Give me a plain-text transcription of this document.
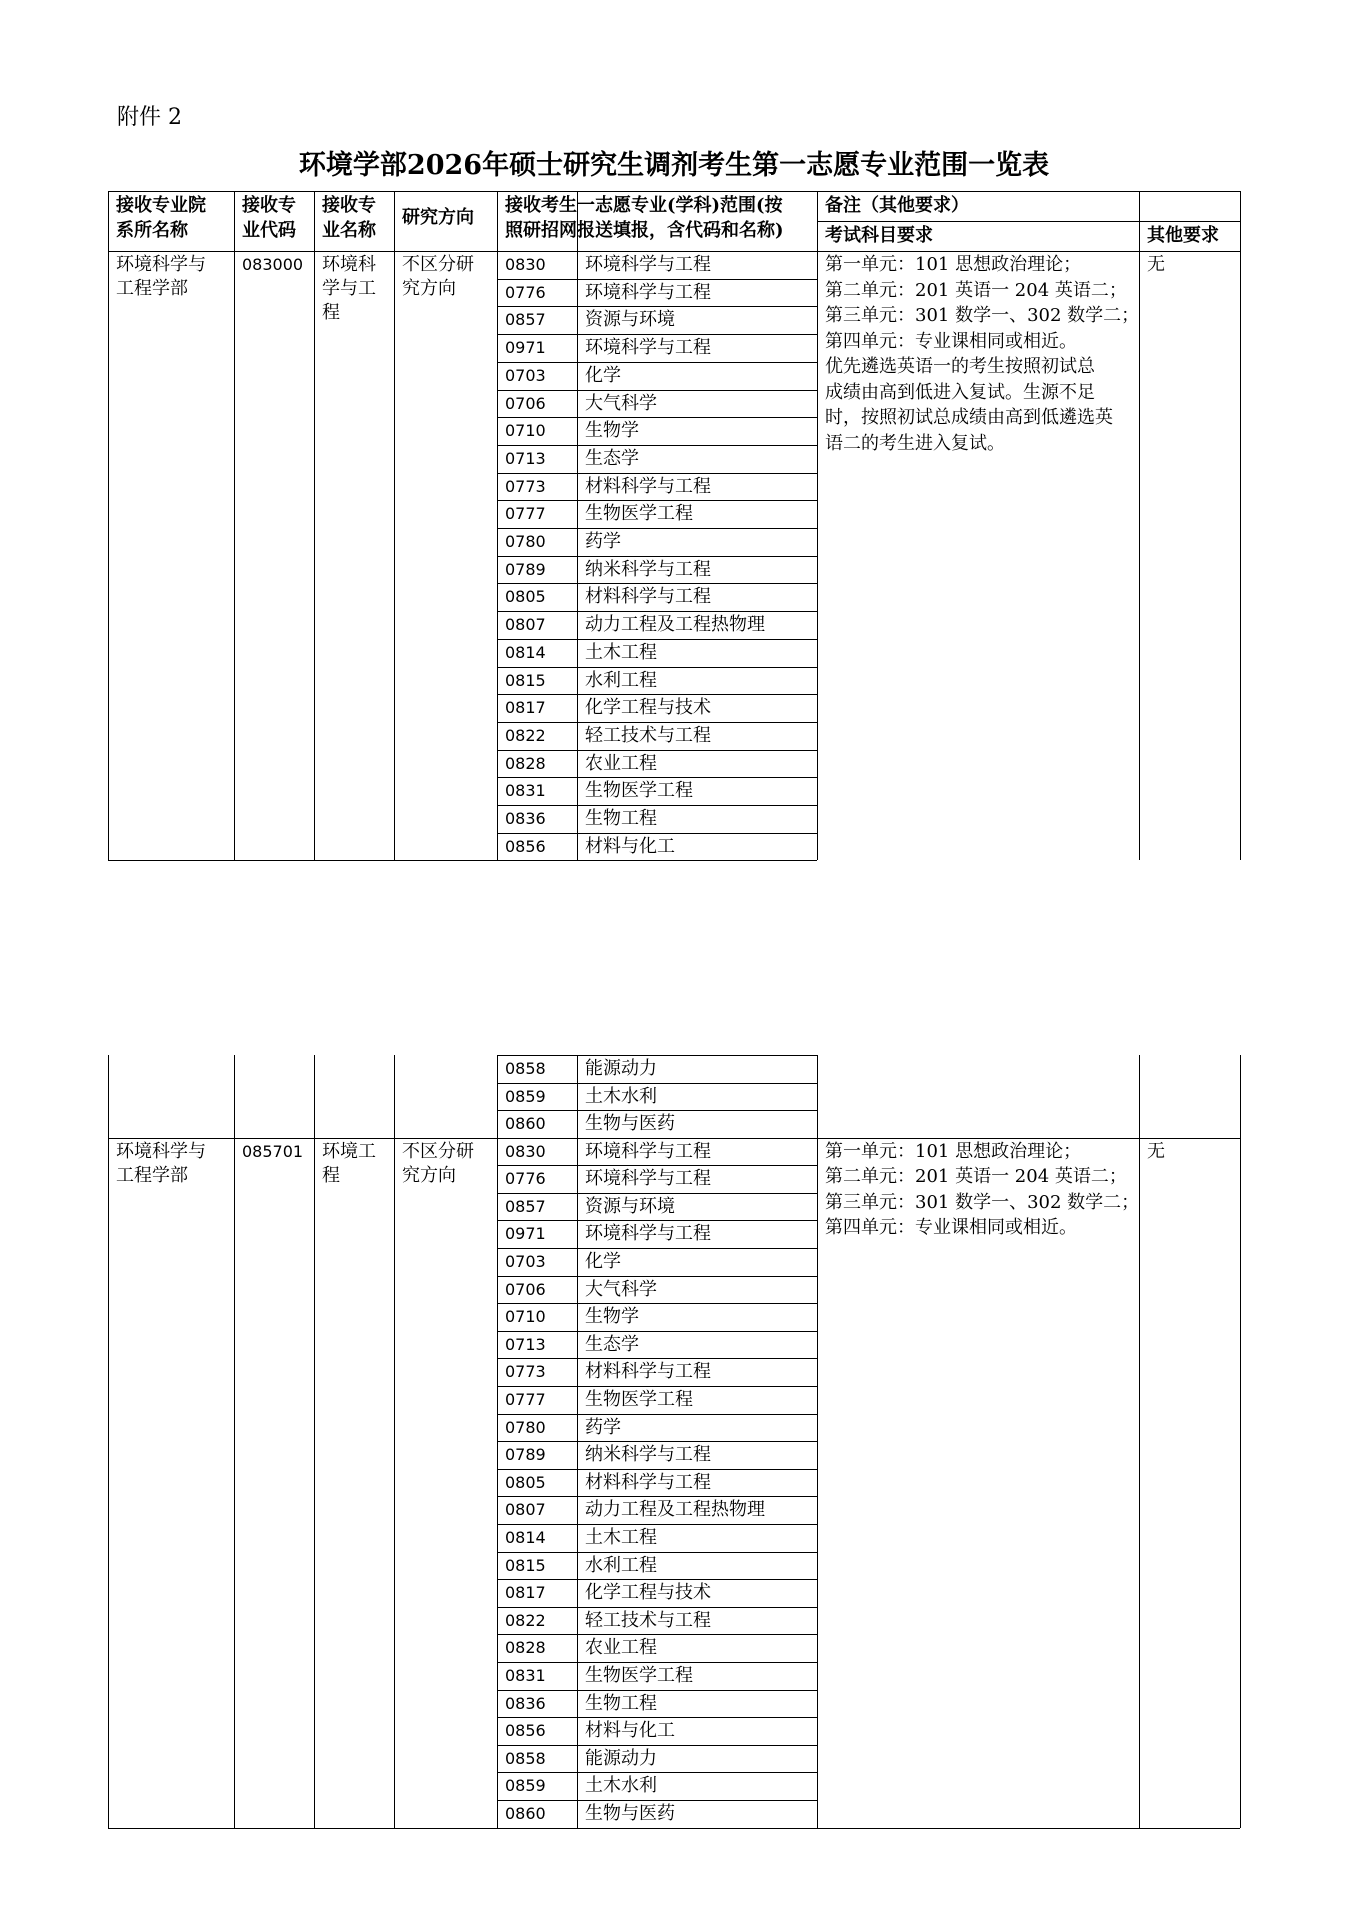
附件 2
环境学部2026年硕士研究生调剂考生第一志愿专业范围一览表
接收专业院
系所名称
接收专
业代码
接收专
业名称
研究方向
接收考生一志愿专业(学科)范围(按
照研招网报送填报，含代码和名称)
备注（其他要求）
考试科目要求	其他要求
0830 环境科学与工程
0776 环境科学与工程
0857 资源与环境
0971 环境科学与工程
0703 化学
0706 大气科学
0710 生物学
0713 生态学
0773 材料科学与工程
0777 生物医学工程
0780 药学
0789 纳米科学与工程
0805 材料科学与工程
0807 动力工程及工程热物理
0814 土木工程
0815 水利工程
0817 化学工程与技术
0822 轻工技术与工程
0828 农业工程
0831 生物医学工程
0836 生物工程
0856 材料与化工
环境科学与
工程学部
083000 环境科
学与工
程
不区分研
究方向
第一单元：101 思想政治理论；
第二单元：201 英语一 204 英语二；
第三单元：301 数学一、302 数学二；
第四单元：专业课相同或相近。
优先遴选英语一的考生按照初试总
成绩由高到低进入复试。生源不足
时，按照初试总成绩由高到低遴选英
语二的考生进入复试。
无
0858 能源动力
0859 土木水利
0860 生物与医药
0830 环境科学与工程
0776 环境科学与工程
0857 资源与环境
0971 环境科学与工程
0703 化学
0706 大气科学
0710 生物学
0713 生态学
0773 材料科学与工程
0777 生物医学工程
0780 药学
0789 纳米科学与工程
0805 材料科学与工程
0807 动力工程及工程热物理
0814 土木工程
0815 水利工程
0817 化学工程与技术
0822 轻工技术与工程
0828 农业工程
0831 生物医学工程
0836 生物工程
0856 材料与化工
0858 能源动力
0859 土木水利
0860 生物与医药
环境科学与
工程学部
085701 环境工
程
不区分研
究方向
第一单元：101 思想政治理论；
第二单元：201 英语一 204 英语二；
第三单元：301 数学一、302 数学二；
第四单元：专业课相同或相近。
无
